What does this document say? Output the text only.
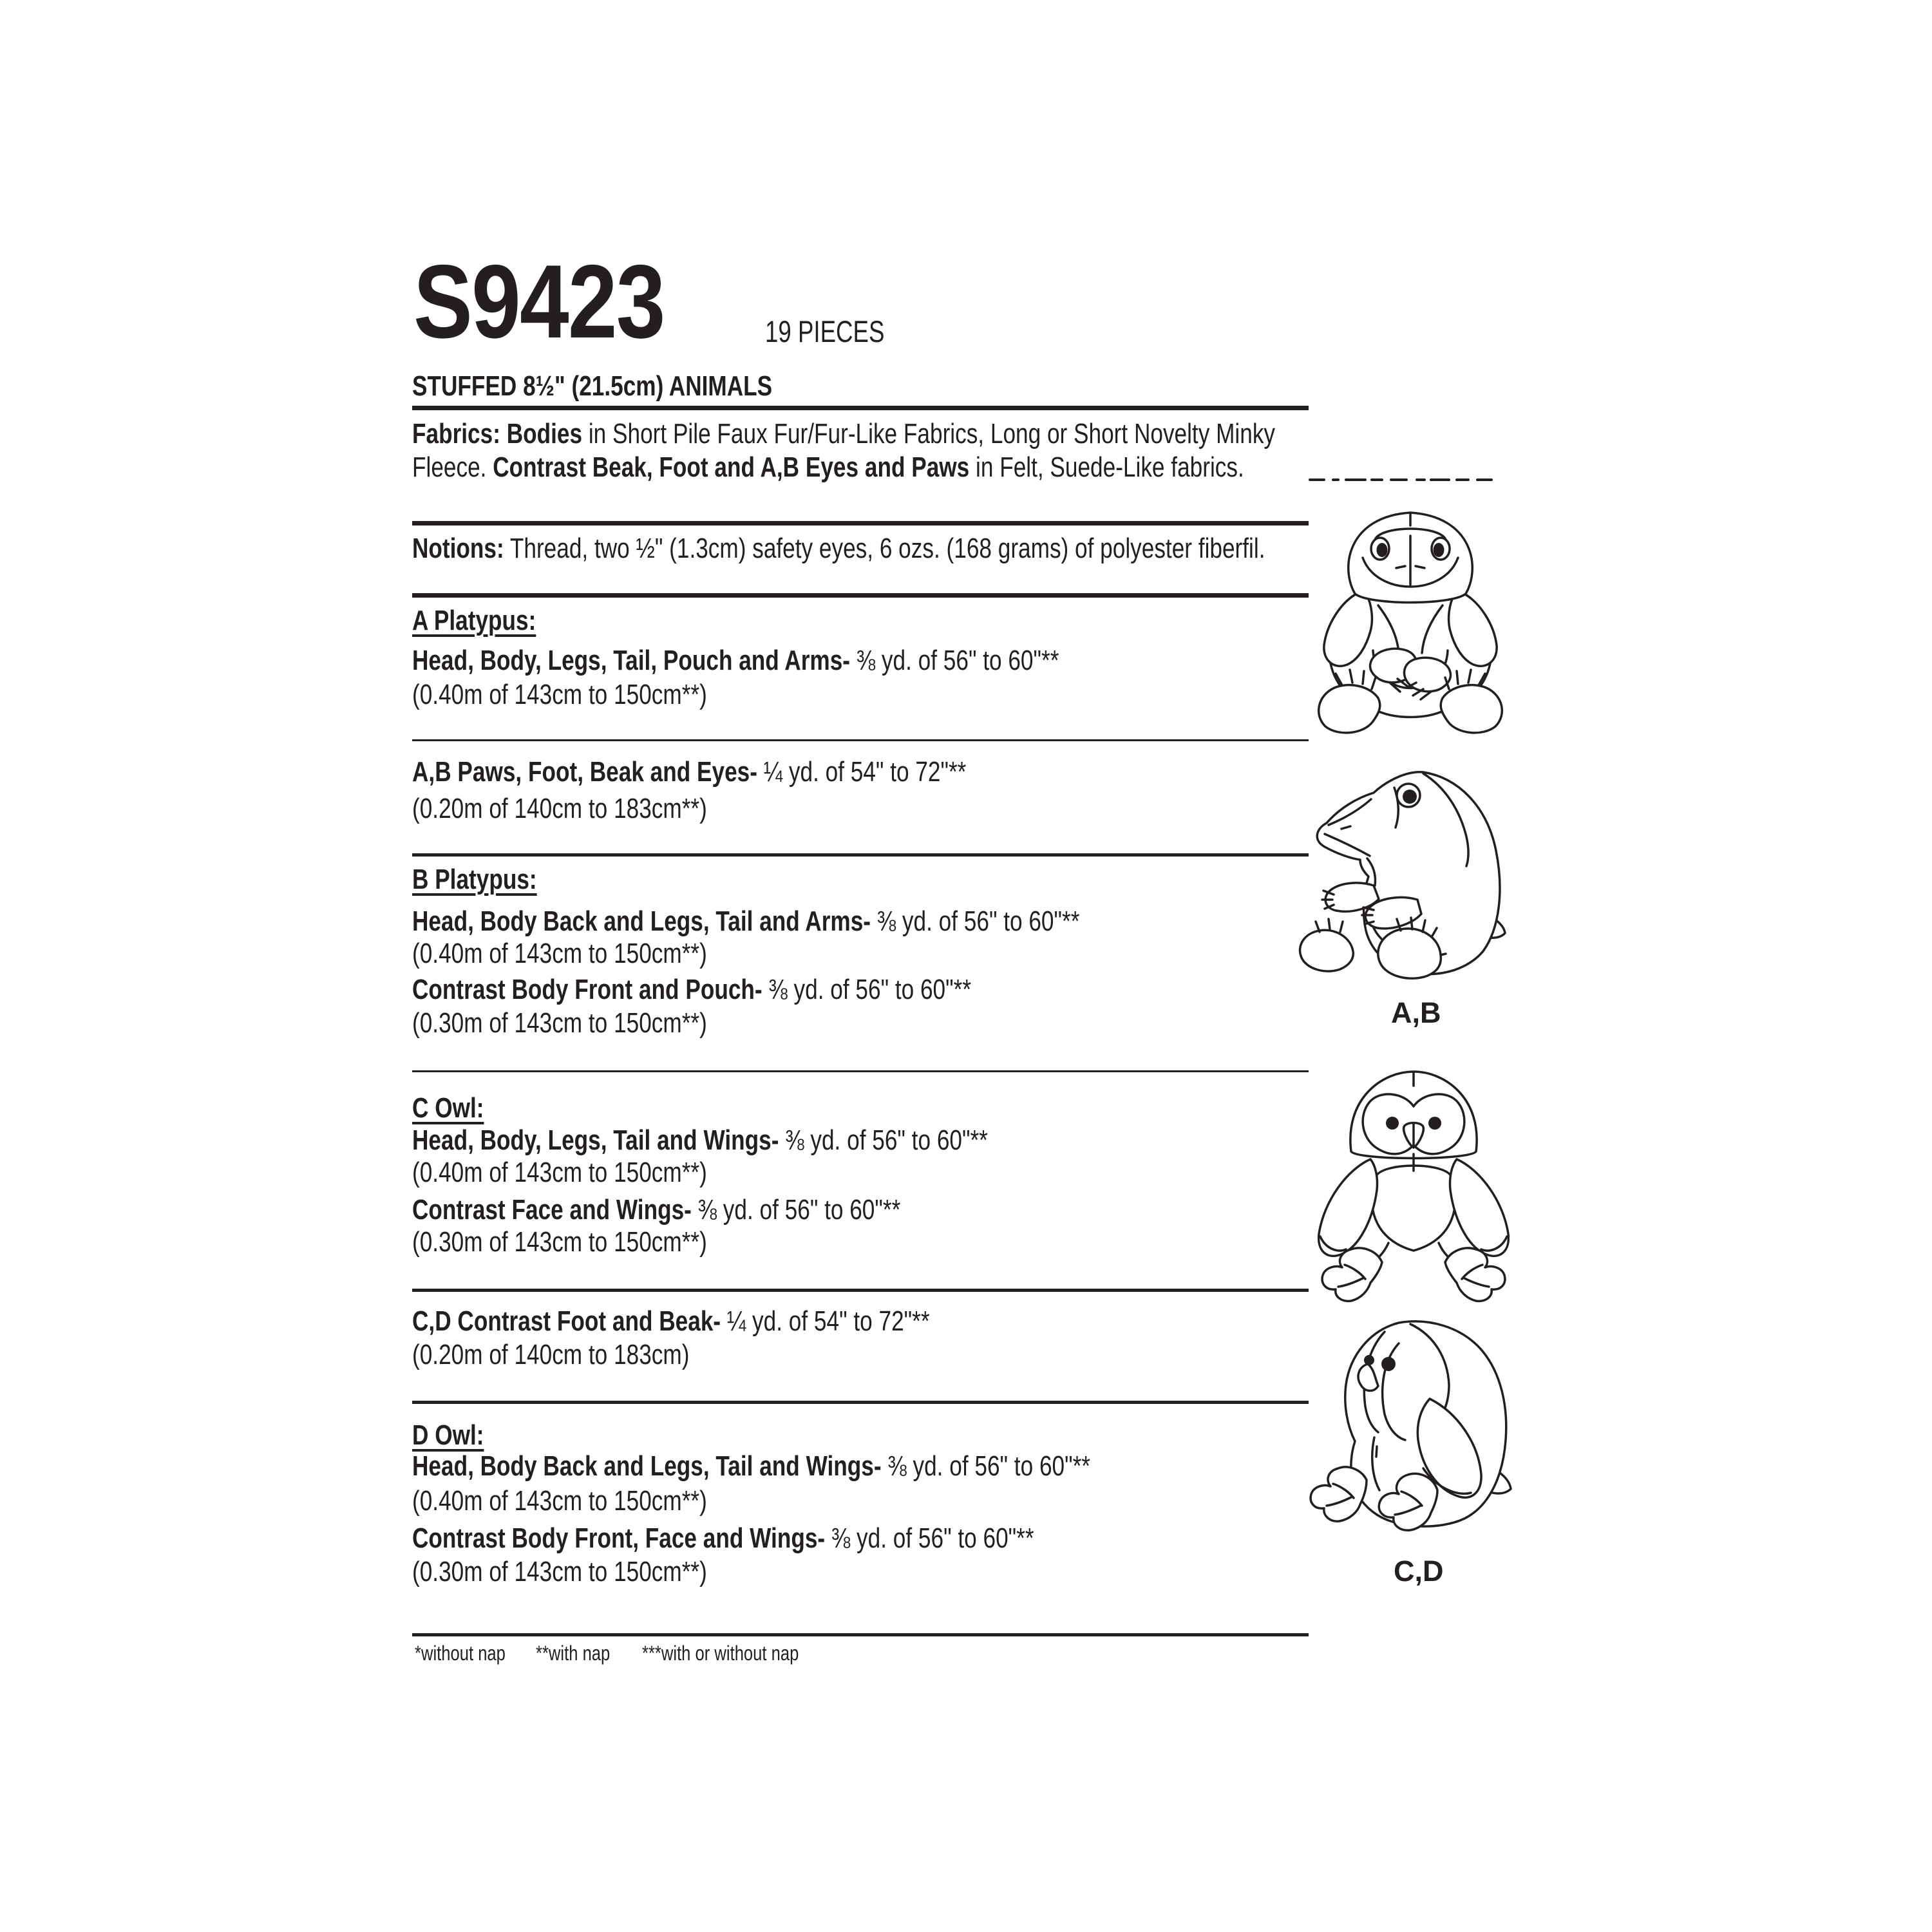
S9423	19 PIECES
STUFFED 8½" (21.5cm) ANIMALS
Fabrics: Bodies in Short Pile Faux Fur/Fur-Like Fabrics, Long or Short Novelty Minky
Fleece. Contrast Beak, Foot and A,B Eyes and Paws in Felt, Suede-Like fabrics.
Notions: Thread, two ½" (1.3cm) safety eyes, 6 ozs. (168 grams) of polyester fiberfil.
A Platypus:
Head, Body, Legs, Tail, Pouch and Arms- ⅜ yd. of 56" to 60"**
(0.40m of 143cm to 150cm**)
A,B Paws, Foot, Beak and Eyes- ¼ yd. of 54" to 72"**
(0.20m of 140cm to 183cm**)
B Platypus:
Head, Body Back and Legs, Tail and Arms- ⅜ yd. of 56" to 60"**
(0.40m of 143cm to 150cm**)
Contrast Body Front and Pouch- ⅜ yd. of 56" to 60"**
(0.30m of 143cm to 150cm**)
C Owl:
Head, Body, Legs, Tail and Wings- ⅜ yd. of 56" to 60"**
(0.40m of 143cm to 150cm**)
Contrast Face and Wings- ⅜ yd. of 56" to 60"**
(0.30m of 143cm to 150cm**)
C,D Contrast Foot and Beak- ¼ yd. of 54" to 72"**
(0.20m of 140cm to 183cm)
D Owl:
Head, Body Back and Legs, Tail and Wings- ⅜ yd. of 56" to 60"**
(0.40m of 143cm to 150cm**)
Contrast Body Front, Face and Wings- ⅜ yd. of 56" to 60"**
(0.30m of 143cm to 150cm**)
*without nap **with nap ***with or without nap
A,B
C,D
